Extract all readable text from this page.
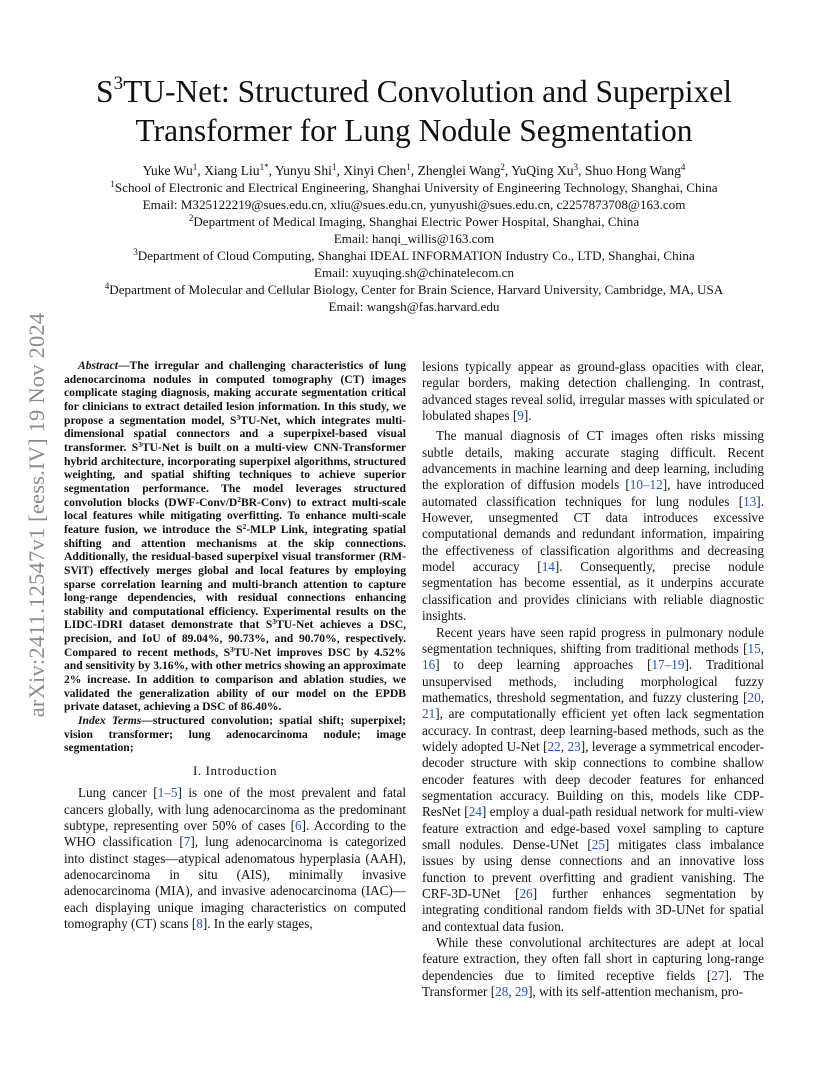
arXiv:2411.12547v1 [eess.IV] 19 Nov 2024
$S^3TU$-Net: Structured Convolution and Superpixel
Transformer for Lung Nodule Segmentation
Yuke Wu$^1$, Xiang Liu$^{1*}$, Yunyu Shi$^1$, Xinyi Chen$^1$, Zhenglei Wang$^2$, YuQing Xu$^3$, Shuo Hong Wang$^4$
$^1$School of Electronic and Electrical Engineering, Shanghai University of Engineering Technology, Shanghai, China
Email: M325122219@sues.edu.cn, xliu@sues.edu.cn, yunyushi@sues.edu.cn, c2257873708@163.com
$^2$Department of Medical Imaging, Shanghai Electric Power Hospital, Shanghai, China
Email: hanqi_willis@163.com
$^3$Department of Cloud Computing, Shanghai IDEAL INFORMATION Industry Co., LTD, Shanghai, China
Email: xuyuqing.sh@chinatelecom.cn
$^4$Department of Molecular and Cellular Biology, Center for Brain Science, Harvard University, Cambridge, MA, USA
Email: wangsh@fas.harvard.edu

Abstract—The irregular and challenging characteristics of lung adenocarcinoma nodules in computed tomography (CT) images complicate staging diagnosis, making accurate segmentation critical for clinicians to extract detailed lesion information. In this study, we propose a segmentation model, $S^3TU$-Net, which integrates multi-dimensional spatial connectors and a superpixel-based visual transformer. $S^3TU$-Net is built on a multi-view CNN-Transformer hybrid architecture, incorporating superpixel algorithms, structured weighting, and spatial shifting techniques to achieve superior segmentation performance. The model leverages structured convolution blocks $(DWF-Conv/D^2BR-Conv)$ to extract multi-scale local features while mitigating overfitting. To enhance multi-scale feature fusion, we introduce the $S^2$-MLP Link, integrating spatial shifting and attention mechanisms at the skip connections. Additionally, the residual-based superpixel visual transformer (RM-SViT) effectively merges global and local features by employing sparse correlation learning and multi-branch attention to capture long-range dependencies, with residual connections enhancing stability and computational efficiency. Experimental results on the LIDC-IDRI dataset demonstrate that $S^3TU$-Net achieves a DSC, precision, and IoU of 89.04%, 90.73%, and 90.70%, respectively. Compared to recent methods, $S^3TU$-Net improves DSC by 4.52% and sensitivity by 3.16%, with other metrics showing an approximate 2% increase. In addition to comparison and ablation studies, we validated the generalization ability of our model on the EPDB private dataset, achieving a DSC of 86.40%.

Index Terms—structured convolution; spatial shift; superpixel; vision transformer; lung adenocarcinoma nodule; image segmentation;

I. Introduction

Lung cancer [1–5] is one of the most prevalent and fatal cancers globally, with lung adenocarcinoma as the predominant subtype, representing over 50% of cases [6]. According to the WHO classification [7], lung adenocarcinoma is categorized into distinct stages—atypical adenomatous hyperplasia (AAH), adenocarcinoma in situ (AIS), minimally invasive adenocarcinoma (MIA), and invasive adenocarcinoma (IAC)—each displaying unique imaging characteristics on computed tomography (CT) scans [8]. In the early stages,

lesions typically appear as ground-glass opacities with clear, regular borders, making detection challenging. In contrast, advanced stages reveal solid, irregular masses with spiculated or lobulated shapes [9].

The manual diagnosis of CT images often risks missing subtle details, making accurate staging difficult. Recent advancements in machine learning and deep learning, including the exploration of diffusion models [10–12], have introduced automated classification techniques for lung nodules [13]. However, unsegmented CT data introduces excessive computational demands and redundant information, impairing the effectiveness of classification algorithms and decreasing model accuracy [14]. Consequently, precise nodule segmentation has become essential, as it underpins accurate classification and provides clinicians with reliable diagnostic insights.

Recent years have seen rapid progress in pulmonary nodule segmentation techniques, shifting from traditional methods [15, 16] to deep learning approaches [17–19]. Traditional unsupervised methods, including morphological fuzzy mathematics, threshold segmentation, and fuzzy clustering [20, 21], are computationally efficient yet often lack segmentation accuracy. In contrast, deep learning-based methods, such as the widely adopted U-Net [22, 23], leverage a symmetrical encoder-decoder structure with skip connections to combine shallow encoder features with deep decoder features for enhanced segmentation accuracy. Building on this, models like CDP-ResNet [24] employ a dual-path residual network for multi-view feature extraction and edge-based voxel sampling to capture small nodules. Dense-UNet [25] mitigates class imbalance issues by using dense connections and an innovative loss function to prevent overfitting and gradient vanishing. The CRF-3D-UNet [26] further enhances segmentation by integrating conditional random fields with 3D-UNet for spatial and contextual data fusion.

While these convolutional architectures are adept at local feature extraction, they often fall short in capturing long-range dependencies due to limited receptive fields [27]. The Transformer [28, 29], with its self-attention mechanism, pro-
